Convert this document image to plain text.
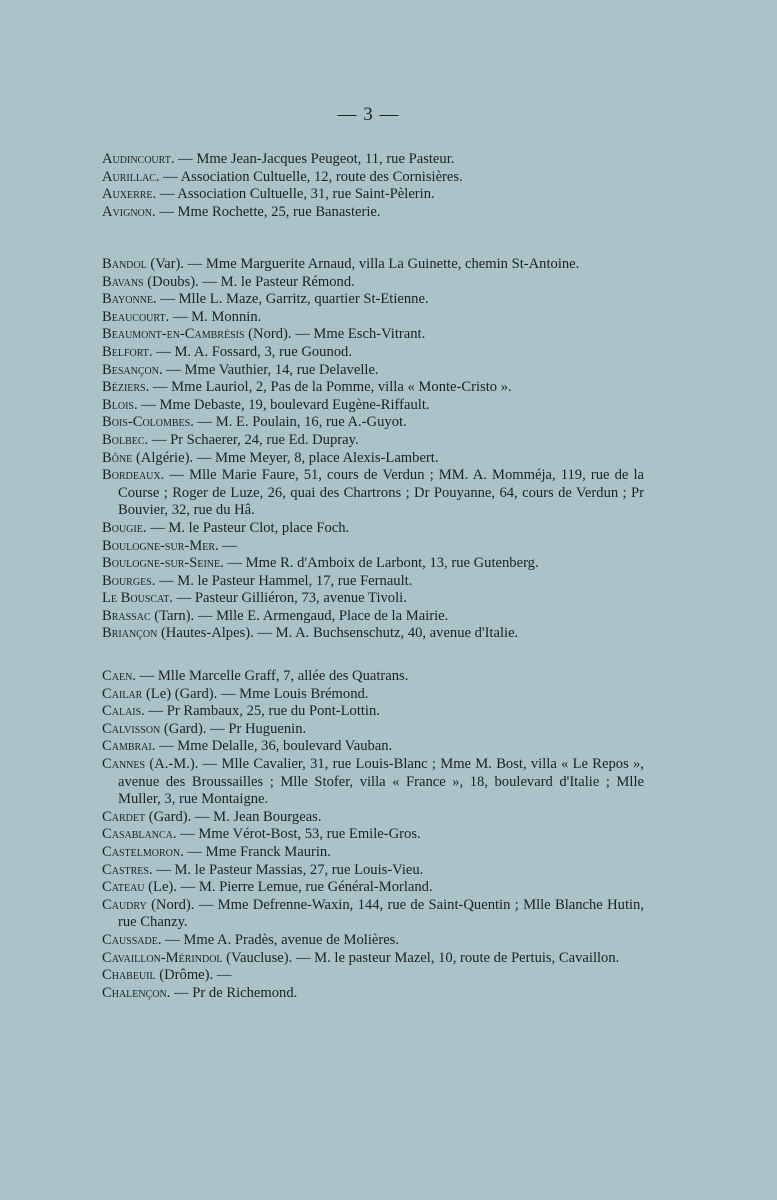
— 3 —
Audincourt. — Mme Jean-Jacques Peugeot, 11, rue Pasteur.
Aurillac. — Association Cultuelle, 12, route des Cornisières.
Auxerre. — Association Cultuelle, 31, rue Saint-Pèlerin.
Avignon. — Mme Rochette, 25, rue Banasterie.
Bandol (Var). — Mme Marguerite Arnaud, villa La Guinette, chemin St-Antoine.
Bavans (Doubs). — M. le Pasteur Rémond.
Bayonne. — Mlle L. Maze, Garritz, quartier St-Etienne.
Beaucourt. — M. Monnin.
Beaumont-en-Cambrésis (Nord). — Mme Esch-Vitrant.
Belfort. — M. A. Fossard, 3, rue Gounod.
Besançon. — Mme Vauthier, 14, rue Delavelle.
Béziers. — Mme Lauriol, 2, Pas de la Pomme, villa « Monte-Cristo ».
Blois. — Mme Debaste, 19, boulevard Eugène-Riffault.
Bois-Colombes. — M. E. Poulain, 16, rue A.-Guyot.
Bolbec. — Pr Schaerer, 24, rue Ed. Dupray.
Bône (Algérie). — Mme Meyer, 8, place Alexis-Lambert.
Bordeaux. — Mlle Marie Faure, 51, cours de Verdun ; MM. A. Momméja, 119, rue de la Course ; Roger de Luze, 26, quai des Chartrons ; Dr Pouyanne, 64, cours de Verdun ; Pr Bouvier, 32, rue du Hâ.
Bougie. — M. le Pasteur Clot, place Foch.
Boulogne-sur-Mer. —
Boulogne-sur-Seine. — Mme R. d'Amboix de Larbont, 13, rue Gutenberg.
Bourges. — M. le Pasteur Hammel, 17, rue Fernault.
Le Bouscat. — Pasteur Gilliéron, 73, avenue Tivoli.
Brassac (Tarn). — Mlle E. Armengaud, Place de la Mairie.
Briançon (Hautes-Alpes). — M. A. Buchsenschutz, 40, avenue d'Italie.
Caen. — Mlle Marcelle Graff, 7, allée des Quatrans.
Cailar (Le) (Gard). — Mme Louis Brémond.
Calais. — Pr Rambaux, 25, rue du Pont-Lottin.
Calvisson (Gard). — Pr Huguenin.
Cambrai. — Mme Delalle, 36, boulevard Vauban.
Cannes (A.-M.). — Mlle Cavalier, 31, rue Louis-Blanc ; Mme M. Bost, villa « Le Repos », avenue des Broussailles ; Mlle Stofer, villa « France », 18, boulevard d'Italie ; Mlle Muller, 3, rue Montaigne.
Cardet (Gard). — M. Jean Bourgeas.
Casablanca. — Mme Vérot-Bost, 53, rue Emile-Gros.
Castelmoron. — Mme Franck Maurin.
Castres. — M. le Pasteur Massias, 27, rue Louis-Vieu.
Cateau (Le). — M. Pierre Lemue, rue Général-Morland.
Caudry (Nord). — Mme Defrenne-Waxin, 144, rue de Saint-Quentin ; Mlle Blanche Hutin, rue Chanzy.
Caussade. — Mme A. Pradès, avenue de Molières.
Cavaillon-Mérindol (Vaucluse). — M. le pasteur Mazel, 10, route de Pertuis, Cavaillon.
Chabeuil (Drôme). —
Chalençon. — Pr de Richemond.
